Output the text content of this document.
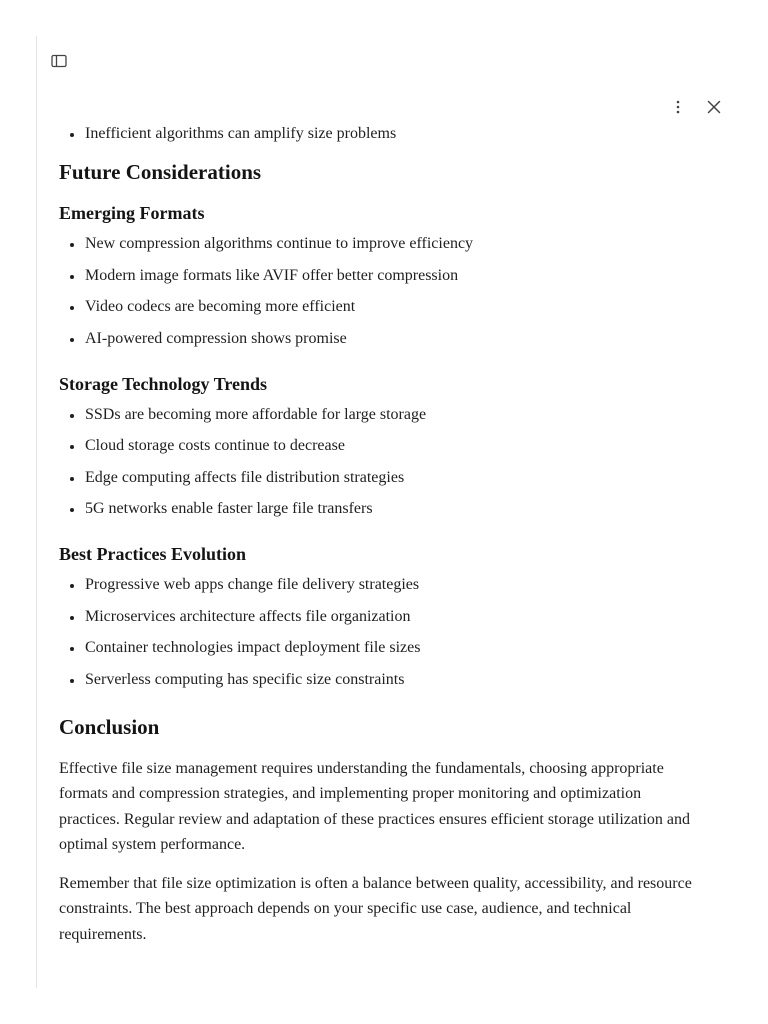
Inefficient algorithms can amplify size problems
Future Considerations
Emerging Formats
New compression algorithms continue to improve efficiency
Modern image formats like AVIF offer better compression
Video codecs are becoming more efficient
AI-powered compression shows promise
Storage Technology Trends
SSDs are becoming more affordable for large storage
Cloud storage costs continue to decrease
Edge computing affects file distribution strategies
5G networks enable faster large file transfers
Best Practices Evolution
Progressive web apps change file delivery strategies
Microservices architecture affects file organization
Container technologies impact deployment file sizes
Serverless computing has specific size constraints
Conclusion

Effective file size management requires understanding the fundamentals, choosing appropriate formats and compression strategies, and implementing proper monitoring and optimization practices. Regular review and adaptation of these practices ensures efficient storage utilization and optimal system performance.

Remember that file size optimization is often a balance between quality, accessibility, and resource constraints. The best approach depends on your specific use case, audience, and technical requirements.
